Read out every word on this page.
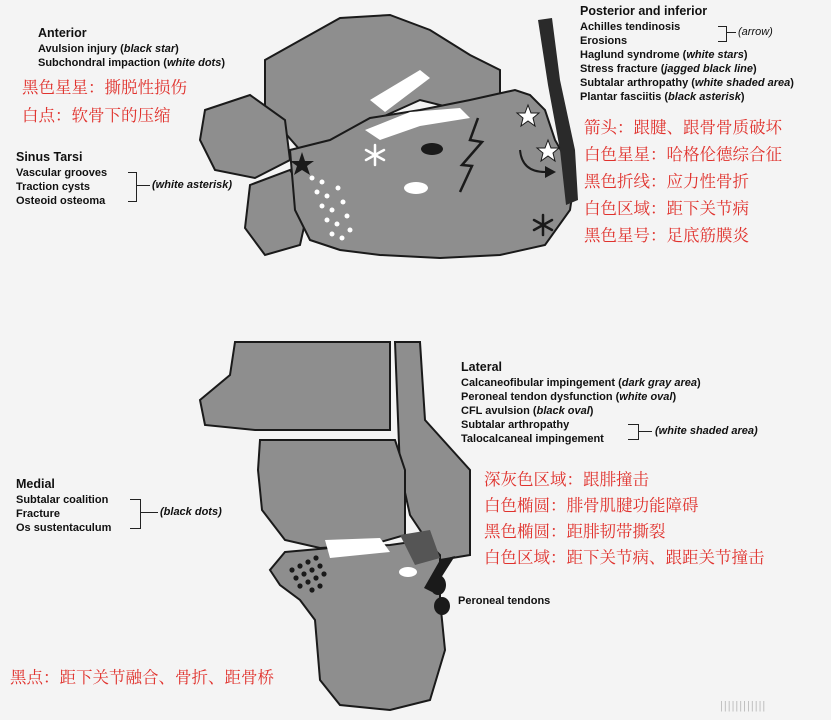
Anterior
Avulsion injury (black star)
Subchondral impaction (white dots)
黑色星星：撕脱性损伤
白点：软骨下的压缩
Sinus Tarsi
Vascular grooves
Traction cysts
Osteoid osteoma
(white asterisk)
Posterior and inferior
Achilles tendinosis
Erosions
(arrow)
Haglund syndrome (white stars)
Stress fracture (jagged black line)
Subtalar arthropathy (white shaded area)
Plantar fasciitis (black asterisk)
箭头：跟腱、跟骨骨质破坏
白色星星：哈格伦德综合征
黑色折线：应力性骨折
白色区域：距下关节病
黑色星号：足底筋膜炎
Lateral
Calcaneofibular impingement (dark gray area)
Peroneal tendon dysfunction (white oval)
CFL avulsion (black oval)
Subtalar arthropathy
Talocalcaneal impingement
(white shaded area)
深灰色区域：跟腓撞击
白色椭圆：腓骨肌腱功能障碍
黑色椭圆：距腓韧带撕裂
白色区域：距下关节病、跟距关节撞击
Medial
Subtalar coalition
Fracture
Os sustentaculum
(black dots)
黑点：距下关节融合、骨折、距骨桥
Peroneal tendons
||||||||||||
